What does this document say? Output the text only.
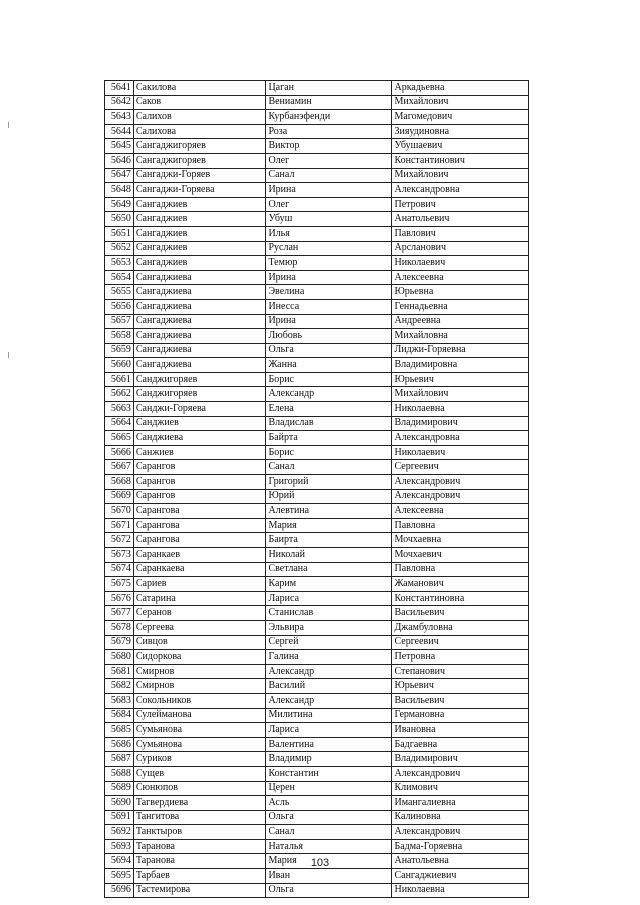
5641	Сакилова	Цаган	Аркадьевна
5642	Саков	Вениамин	Михайлович
5643	Салихов	Курбанэфенди	Магомедович
5644	Салихова	Роза	Зияудиновна
5645	Сангаджигоряев	Виктор	Убушаевич
5646	Сангаджигоряев	Олег	Константинович
5647	Сангаджи-Горяев	Санал	Михайлович
5648	Сангаджи-Горяева	Ирина	Александровна
5649	Сангаджиев	Олег	Петрович
5650	Сангаджиев	Убуш	Анатольевич
5651	Сангаджиев	Илья	Павлович
5652	Сангаджиев	Руслан	Арсланович
5653	Сангаджиев	Темюр	Николаевич
5654	Сангаджиева	Ирина	Алексеевна
5655	Сангаджиева	Эвелина	Юрьевна
5656	Сангаджиева	Инесса	Геннадьевна
5657	Сангаджиева	Ирина	Андреевна
5658	Сангаджиева	Любовь	Михайловна
5659	Сангаджиева	Ольга	Лиджи-Горяевна
5660	Сангаджиева	Жанна	Владимировна
5661	Санджигоряев	Борис	Юрьевич
5662	Санджигоряев	Александр	Михайлович
5663	Санджи-Горяева	Елена	Николаевна
5664	Санджиев	Владислав	Владимирович
5665	Санджиева	Байрта	Александровна
5666	Санжиев	Борис	Николаевич
5667	Сарангов	Санал	Сергеевич
5668	Сарангов	Григорий	Александрович
5669	Сарангов	Юрий	Александрович
5670	Сарангова	Алевтина	Алексеевна
5671	Сарангова	Мария	Павловна
5672	Сарангова	Баирта	Мочхаевна
5673	Саранкаев	Николай	Мочхаевич
5674	Саранкаева	Светлана	Павловна
5675	Сариев	Карим	Жаманович
5676	Сатарина	Лариса	Константиновна
5677	Серанов	Станислав	Васильевич
5678	Сергеева	Эльвира	Джамбуловна
5679	Сивцов	Сергей	Сергеевич
5680	Сидоркова	Галина	Петровна
5681	Смирнов	Александр	Степанович
5682	Смирнов	Василий	Юрьевич
5683	Сокольников	Александр	Васильевич
5684	Сулейманова	Милитина	Германовна
5685	Сумьянова	Лариса	Ивановна
5686	Сумьянова	Валентина	Бадгаевна
5687	Суриков	Владимир	Владимирович
5688	Сущев	Константин	Александрович
5689	Сюнюпов	Церен	Климович
5690	Тагвердиева	Асль	Имангалиевна
5691	Тангитова	Ольга	Калиновна
5692	Танктыров	Санал	Александрович
5693	Таранова	Наталья	Бадма-Горяевна
5694	Таранова	Мария	Анатольевна
5695	Тарбаев	Иван	Сангаджиевич
5696	Тастемирова	Ольга	Николаевна
103
